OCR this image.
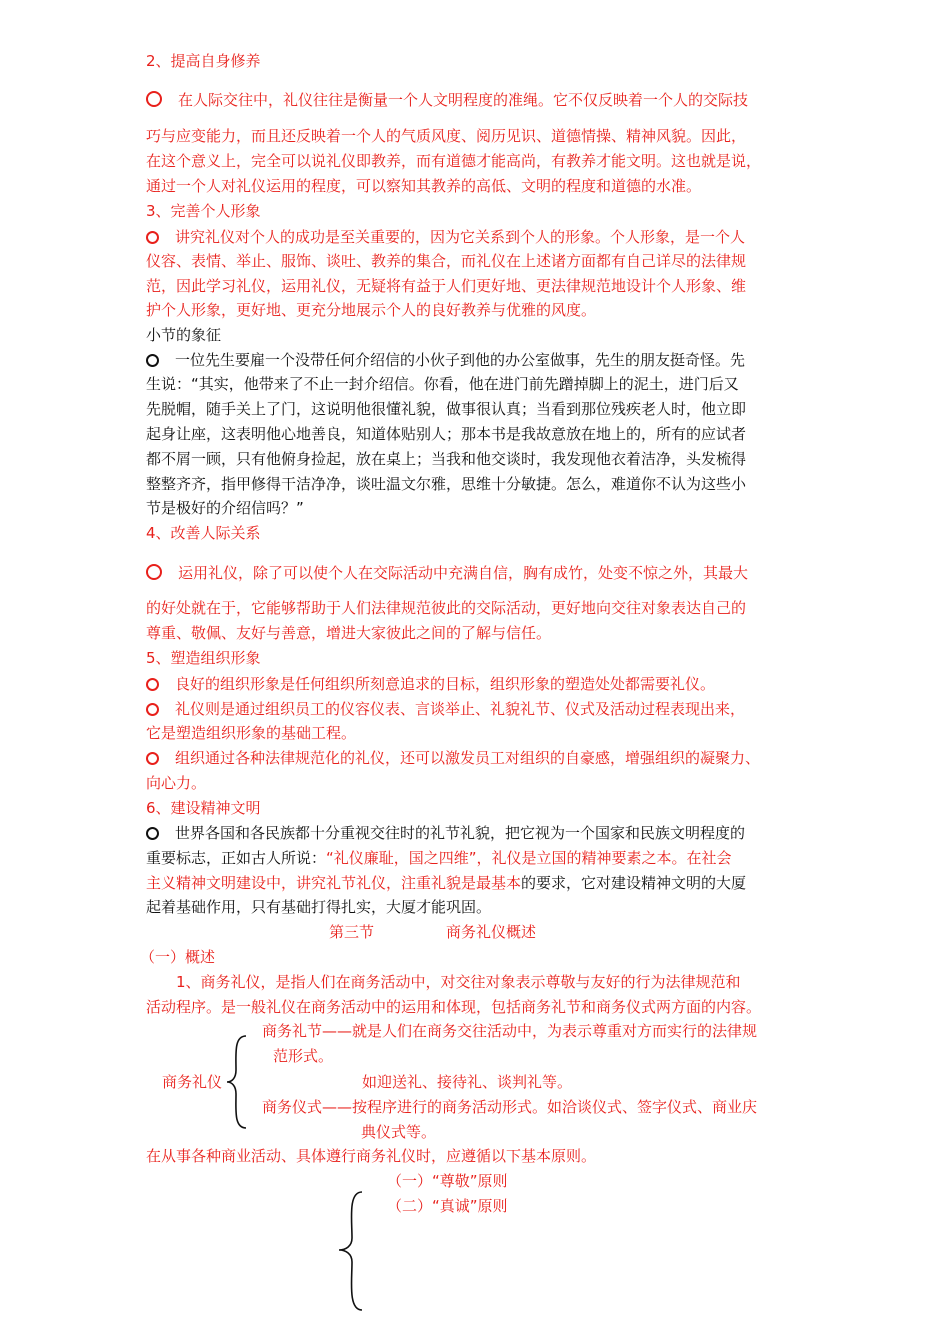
2、提高自身修养
在人际交往中，礼仪往往是衡量一个人文明程度的准绳。它不仅反映着一个人的交际技
巧与应变能力，而且还反映着一个人的气质风度、阅历见识、道德情操、精神风貌。因此，
在这个意义上，完全可以说礼仪即教养，而有道德才能高尚，有教养才能文明。这也就是说，
通过一个人对礼仪运用的程度，可以察知其教养的高低、文明的程度和道德的水准。
3、完善个人形象
讲究礼仪对个人的成功是至关重要的，因为它关系到个人的形象。个人形象，是一个人
仪容、表情、举止、服饰、谈吐、教养的集合，而礼仪在上述诸方面都有自己详尽的法律规
范，因此学习礼仪，运用礼仪，无疑将有益于人们更好地、更法律规范地设计个人形象、维
护个人形象，更好地、更充分地展示个人的良好教养与优雅的风度。
小节的象征
一位先生要雇一个没带任何介绍信的小伙子到他的办公室做事，先生的朋友挺奇怪。先
生说：“其实，他带来了不止一封介绍信。你看，他在进门前先蹭掉脚上的泥土，进门后又
先脱帽，随手关上了门，这说明他很懂礼貌，做事很认真；当看到那位残疾老人时，他立即
起身让座，这表明他心地善良，知道体贴别人；那本书是我故意放在地上的，所有的应试者
都不屑一顾，只有他俯身捡起，放在桌上；当我和他交谈时，我发现他衣着洁净，头发梳得
整整齐齐，指甲修得干洁净净，谈吐温文尔雅，思维十分敏捷。怎么，难道你不认为这些小
节是极好的介绍信吗？”
4、改善人际关系
运用礼仪，除了可以使个人在交际活动中充满自信，胸有成竹，处变不惊之外，其最大
的好处就在于，它能够帮助于人们法律规范彼此的交际活动，更好地向交往对象表达自己的
尊重、敬佩、友好与善意，增进大家彼此之间的了解与信任。
5、塑造组织形象
良好的组织形象是任何组织所刻意追求的目标，组织形象的塑造处处都需要礼仪。
礼仪则是通过组织员工的仪容仪表、言谈举止、礼貌礼节、仪式及活动过程表现出来，
它是塑造组织形象的基础工程。
组织通过各种法律规范化的礼仪，还可以激发员工对组织的自豪感，增强组织的凝聚力、
向心力。
6、建设精神文明
世界各国和各民族都十分重视交往时的礼节礼貌，把它视为一个国家和民族文明程度的
重要标志，正如古人所说：“礼仪廉耻，国之四维”，礼仪是立国的精神要素之本。在社会
主义精神文明建设中，讲究礼节礼仪，注重礼貌是最基本的要求，它对建设精神文明的大厦
起着基础作用，只有基础打得扎实，大厦才能巩固。
第三节	商务礼仪概述
（一）概述
1、商务礼仪，是指人们在商务活动中，对交往对象表示尊敬与友好的行为法律规范和
活动程序。是一般礼仪在商务活动中的运用和体现，包括商务礼节和商务仪式两方面的内容。
商务礼节——就是人们在商务交往活动中，为表示尊重对方而实行的法律规
范形式。
商务礼仪	如迎送礼、接待礼、谈判礼等。
商务仪式——按程序进行的商务活动形式。如洽谈仪式、签字仪式、商业庆
典仪式等。
在从事各种商业活动、具体遵行商务礼仪时，应遵循以下基本原则。
（一）“尊敬”原则
（二）“真诚”原则
